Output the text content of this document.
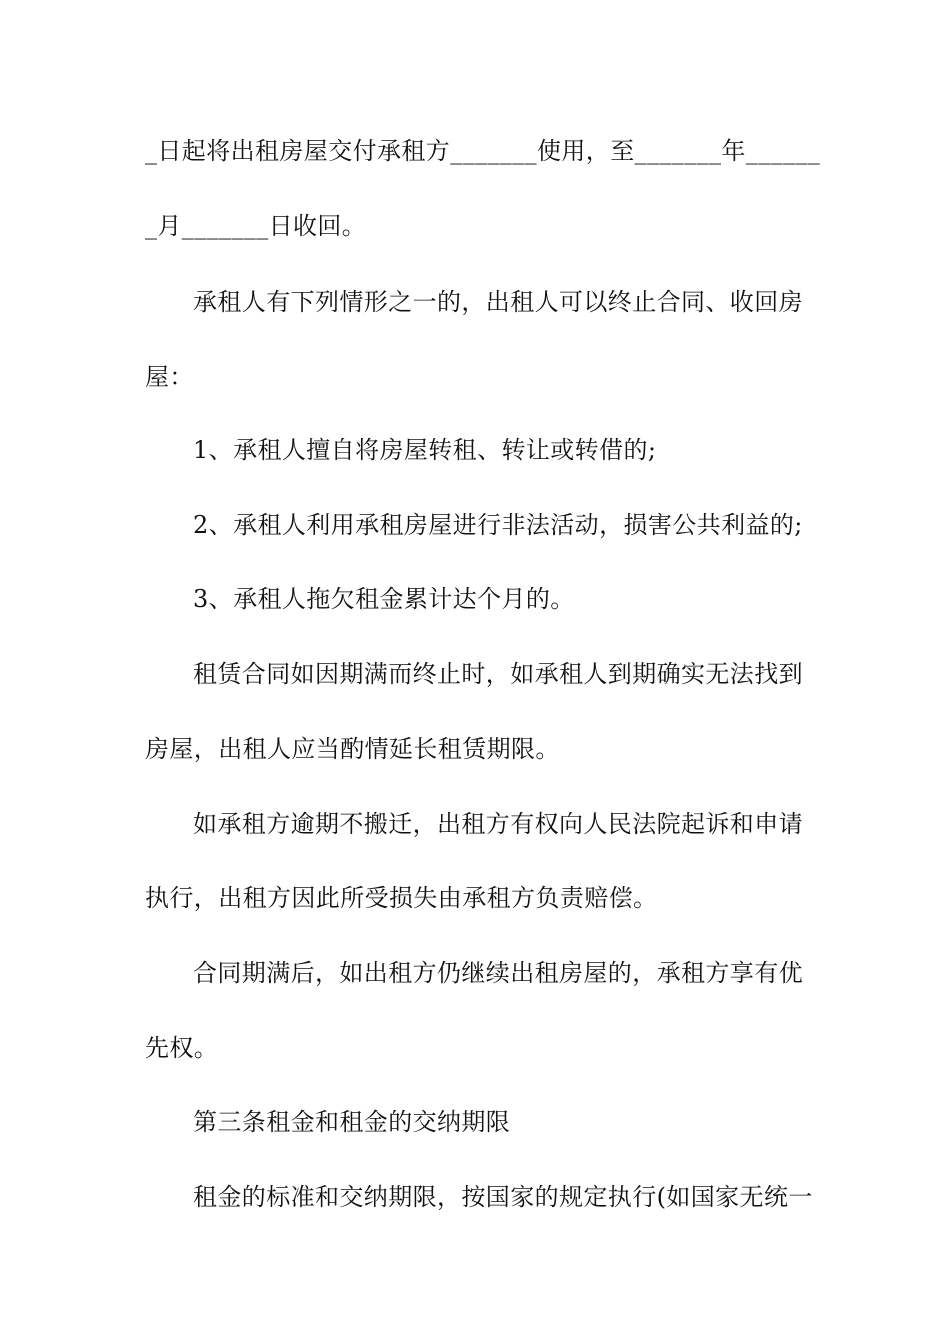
_日起将出租房屋交付承租方_______使用，至_______年______
_月_______日收回。
承租人有下列情形之一的，出租人可以终止合同、收回房
屋：
1、承租人擅自将房屋转租、转让或转借的;
2、承租人利用承租房屋进行非法活动，损害公共利益的;
3、承租人拖欠租金累计达个月的。
租赁合同如因期满而终止时，如承租人到期确实无法找到
房屋，出租人应当酌情延长租赁期限。
如承租方逾期不搬迁，出租方有权向人民法院起诉和申请
执行，出租方因此所受损失由承租方负责赔偿。
合同期满后，如出租方仍继续出租房屋的，承租方享有优
先权。
第三条租金和租金的交纳期限
租金的标准和交纳期限，按国家的规定执行(如国家无统一
